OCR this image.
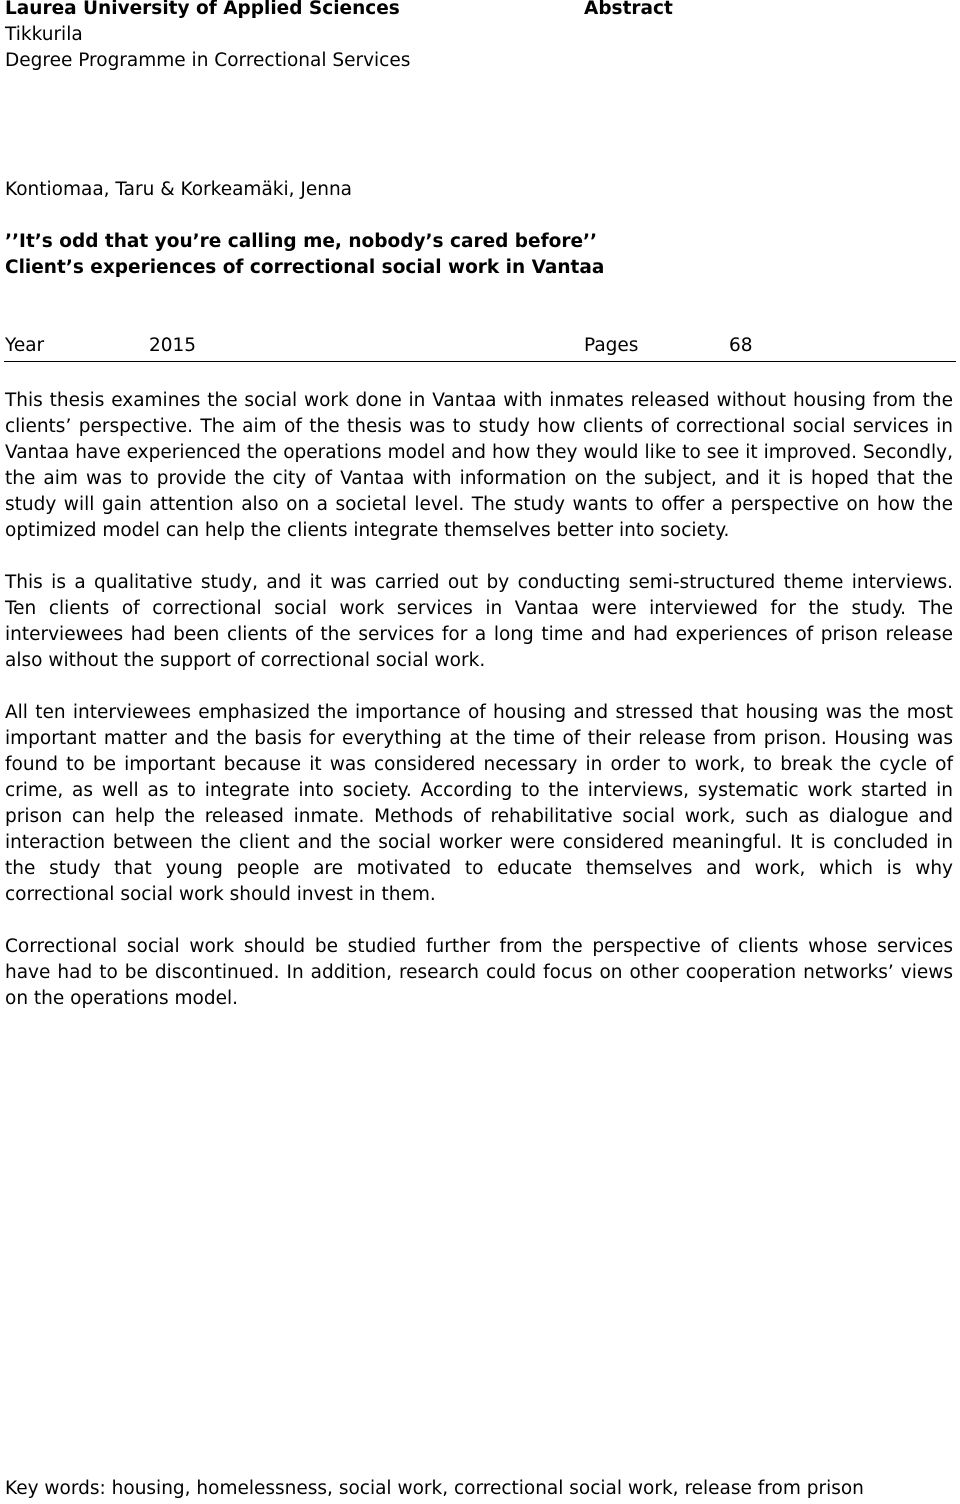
Laurea University of Applied Sciences
Tikkurila
Degree Programme in Correctional Services
Abstract
Kontiomaa, Taru & Korkeamäki, Jenna
’’It’s odd that you’re calling me, nobody’s cared before’’
Client’s experiences of correctional social work in Vantaa
Year	2015	Pages	68

This thesis examines the social work done in Vantaa with inmates released without housing from the clients’ perspective. The aim of the thesis was to study how clients of correctional social services in Vantaa have experienced the operations model and how they would like to see it improved. Secondly, the aim was to provide the city of Vantaa with information on the subject, and it is hoped that the study will gain attention also on a societal level. The study wants to offer a perspective on how the optimized model can help the clients integrate themselves better into society.

This is a qualitative study, and it was carried out by conducting semi-structured theme interviews. Ten clients of correctional social work services in Vantaa were interviewed for the study. The interviewees had been clients of the services for a long time and had experiences of prison release also without the support of correctional social work.

All ten interviewees emphasized the importance of housing and stressed that housing was the most important matter and the basis for everything at the time of their release from prison. Housing was found to be important because it was considered necessary in order to work, to break the cycle of crime, as well as to integrate into society. According to the interviews, systematic work started in prison can help the released inmate. Methods of rehabilitative social work, such as dialogue and interaction between the client and the social worker were considered meaningful. It is concluded in the study that young people are motivated to educate themselves and work, which is why correctional social work should invest in them.

Correctional social work should be studied further from the perspective of clients whose services have had to be discontinued. In addition, research could focus on other cooperation networks’ views on the operations model.

Key words: housing, homelessness, social work, correctional social work, release from prison
